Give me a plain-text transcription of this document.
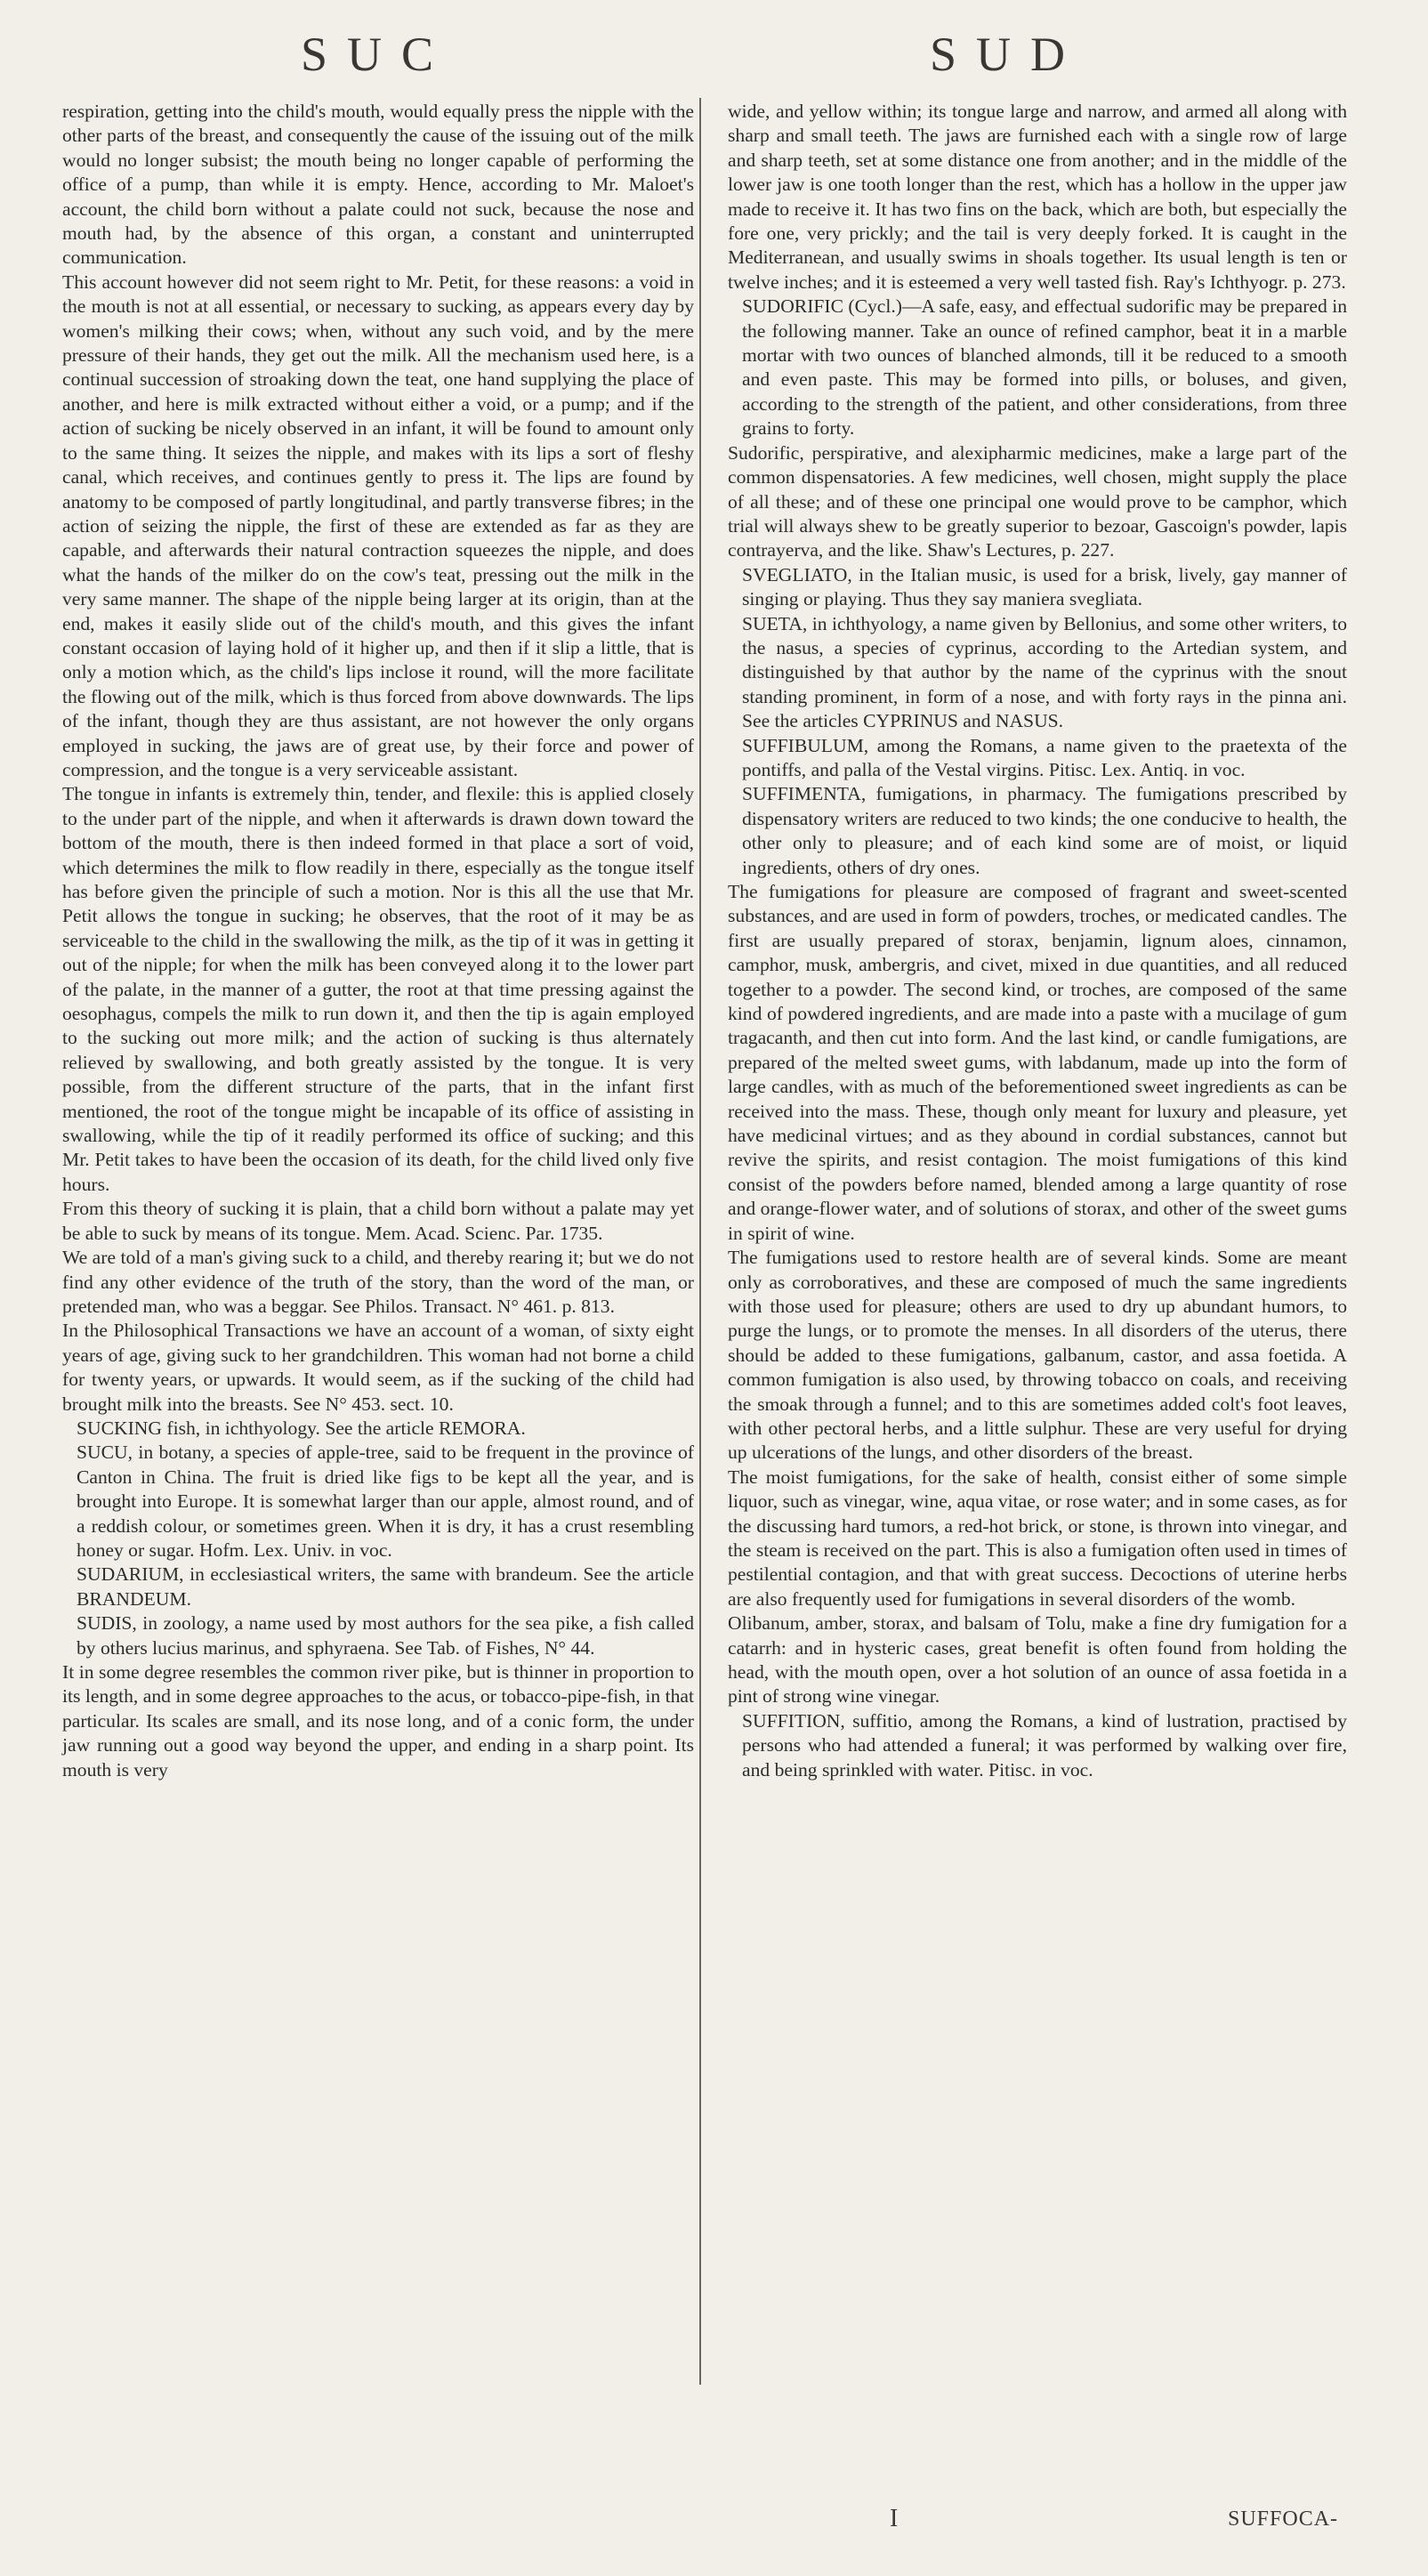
SUC	SUD

respiration, getting into the child's mouth, would equally press the nipple with the other parts of the breast, and consequently the cause of the issuing out of the milk would no longer subsist; the mouth being no longer capable of performing the office of a pump, than while it is empty. Hence, according to Mr. Maloet's account, the child born without a palate could not suck, because the nose and mouth had, by the absence of this organ, a constant and uninterrupted communication.

This account however did not seem right to Mr. Petit, for these reasons: a void in the mouth is not at all essential, or necessary to sucking, as appears every day by women's milking their cows; when, without any such void, and by the mere pressure of their hands, they get out the milk. All the mechanism used here, is a continual succession of stroaking down the teat, one hand supplying the place of another, and here is milk extracted without either a void, or a pump; and if the action of sucking be nicely observed in an infant, it will be found to amount only to the same thing. It seizes the nipple, and makes with its lips a sort of fleshy canal, which receives, and continues gently to press it. The lips are found by anatomy to be composed of partly longitudinal, and partly transverse fibres; in the action of seizing the nipple, the first of these are extended as far as they are capable, and afterwards their natural contraction squeezes the nipple, and does what the hands of the milker do on the cow's teat, pressing out the milk in the very same manner. The shape of the nipple being larger at its origin, than at the end, makes it easily slide out of the child's mouth, and this gives the infant constant occasion of laying hold of it higher up, and then if it slip a little, that is only a motion which, as the child's lips inclose it round, will the more facilitate the flowing out of the milk, which is thus forced from above downwards. The lips of the infant, though they are thus assistant, are not however the only organs employed in sucking, the jaws are of great use, by their force and power of compression, and the tongue is a very serviceable assistant.

The tongue in infants is extremely thin, tender, and flexile: this is applied closely to the under part of the nipple, and when it afterwards is drawn down toward the bottom of the mouth, there is then indeed formed in that place a sort of void, which determines the milk to flow readily in there, especially as the tongue itself has before given the principle of such a motion. Nor is this all the use that Mr. Petit allows the tongue in sucking; he observes, that the root of it may be as serviceable to the child in the swallowing the milk, as the tip of it was in getting it out of the nipple; for when the milk has been conveyed along it to the lower part of the palate, in the manner of a gutter, the root at that time pressing against the oesophagus, compels the milk to run down it, and then the tip is again employed to the sucking out more milk; and the action of sucking is thus alternately relieved by swallowing, and both greatly assisted by the tongue. It is very possible, from the different structure of the parts, that in the infant first mentioned, the root of the tongue might be incapable of its office of assisting in swallowing, while the tip of it readily performed its office of sucking; and this Mr. Petit takes to have been the occasion of its death, for the child lived only five hours.

From this theory of sucking it is plain, that a child born without a palate may yet be able to suck by means of its tongue. Mem. Acad. Scienc. Par. 1735.

We are told of a man's giving suck to a child, and thereby rearing it; but we do not find any other evidence of the truth of the story, than the word of the man, or pretended man, who was a beggar. See Philos. Transact. N° 461. p. 813.

In the Philosophical Transactions we have an account of a woman, of sixty eight years of age, giving suck to her grandchildren. This woman had not borne a child for twenty years, or upwards. It would seem, as if the sucking of the child had brought milk into the breasts. See N° 453. sect. 10.

SUCKING fish, in ichthyology. See the article REMORA.

SUCU, in botany, a species of apple-tree, said to be frequent in the province of Canton in China. The fruit is dried like figs to be kept all the year, and is brought into Europe. It is somewhat larger than our apple, almost round, and of a reddish colour, or sometimes green. When it is dry, it has a crust resembling honey or sugar. Hofm. Lex. Univ. in voc.

SUDARIUM, in ecclesiastical writers, the same with brandeum. See the article BRANDEUM.

SUDIS, in zoology, a name used by most authors for the sea pike, a fish called by others lucius marinus, and sphyraena. See Tab. of Fishes, N° 44.

It in some degree resembles the common river pike, but is thinner in proportion to its length, and in some degree approaches to the acus, or tobacco-pipe-fish, in that particular. Its scales are small, and its nose long, and of a conic form, the under jaw running out a good way beyond the upper, and ending in a sharp point. Its mouth is very

wide, and yellow within; its tongue large and narrow, and armed all along with sharp and small teeth. The jaws are furnished each with a single row of large and sharp teeth, set at some distance one from another; and in the middle of the lower jaw is one tooth longer than the rest, which has a hollow in the upper jaw made to receive it. It has two fins on the back, which are both, but especially the fore one, very prickly; and the tail is very deeply forked. It is caught in the Mediterranean, and usually swims in shoals together. Its usual length is ten or twelve inches; and it is esteemed a very well tasted fish. Ray's Ichthyogr. p. 273.

SUDORIFIC (Cycl.)—A safe, easy, and effectual sudorific may be prepared in the following manner. Take an ounce of refined camphor, beat it in a marble mortar with two ounces of blanched almonds, till it be reduced to a smooth and even paste. This may be formed into pills, or boluses, and given, according to the strength of the patient, and other considerations, from three grains to forty.

Sudorific, perspirative, and alexipharmic medicines, make a large part of the common dispensatories. A few medicines, well chosen, might supply the place of all these; and of these one principal one would prove to be camphor, which trial will always shew to be greatly superior to bezoar, Gascoign's powder, lapis contrayerva, and the like. Shaw's Lectures, p. 227.

SVEGLIATO, in the Italian music, is used for a brisk, lively, gay manner of singing or playing. Thus they say maniera svegliata.

SUETA, in ichthyology, a name given by Bellonius, and some other writers, to the nasus, a species of cyprinus, according to the Artedian system, and distinguished by that author by the name of the cyprinus with the snout standing prominent, in form of a nose, and with forty rays in the pinna ani. See the articles CYPRINUS and NASUS.

SUFFIBULUM, among the Romans, a name given to the praetexta of the pontiffs, and palla of the Vestal virgins. Pitisc. Lex. Antiq. in voc.

SUFFIMENTA, fumigations, in pharmacy. The fumigations prescribed by dispensatory writers are reduced to two kinds; the one conducive to health, the other only to pleasure; and of each kind some are of moist, or liquid ingredients, others of dry ones.

The fumigations for pleasure are composed of fragrant and sweet-scented substances, and are used in form of powders, troches, or medicated candles. The first are usually prepared of storax, benjamin, lignum aloes, cinnamon, camphor, musk, ambergris, and civet, mixed in due quantities, and all reduced together to a powder. The second kind, or troches, are composed of the same kind of powdered ingredients, and are made into a paste with a mucilage of gum tragacanth, and then cut into form. And the last kind, or candle fumigations, are prepared of the melted sweet gums, with labdanum, made up into the form of large candles, with as much of the beforementioned sweet ingredients as can be received into the mass. These, though only meant for luxury and pleasure, yet have medicinal virtues; and as they abound in cordial substances, cannot but revive the spirits, and resist contagion. The moist fumigations of this kind consist of the powders before named, blended among a large quantity of rose and orange-flower water, and of solutions of storax, and other of the sweet gums in spirit of wine.

The fumigations used to restore health are of several kinds. Some are meant only as corroboratives, and these are composed of much the same ingredients with those used for pleasure; others are used to dry up abundant humors, to purge the lungs, or to promote the menses. In all disorders of the uterus, there should be added to these fumigations, galbanum, castor, and assa foetida. A common fumigation is also used, by throwing tobacco on coals, and receiving the smoak through a funnel; and to this are sometimes added colt's foot leaves, with other pectoral herbs, and a little sulphur. These are very useful for drying up ulcerations of the lungs, and other disorders of the breast.

The moist fumigations, for the sake of health, consist either of some simple liquor, such as vinegar, wine, aqua vitae, or rose water; and in some cases, as for the discussing hard tumors, a red-hot brick, or stone, is thrown into vinegar, and the steam is received on the part. This is also a fumigation often used in times of pestilential contagion, and that with great success. Decoctions of uterine herbs are also frequently used for fumigations in several disorders of the womb.

Olibanum, amber, storax, and balsam of Tolu, make a fine dry fumigation for a catarrh: and in hysteric cases, great benefit is often found from holding the head, with the mouth open, over a hot solution of an ounce of assa foetida in a pint of strong wine vinegar.

SUFFITION, suffitio, among the Romans, a kind of lustration, practised by persons who had attended a funeral; it was performed by walking over fire, and being sprinkled with water. Pitisc. in voc.

I	SUFFOCA-
